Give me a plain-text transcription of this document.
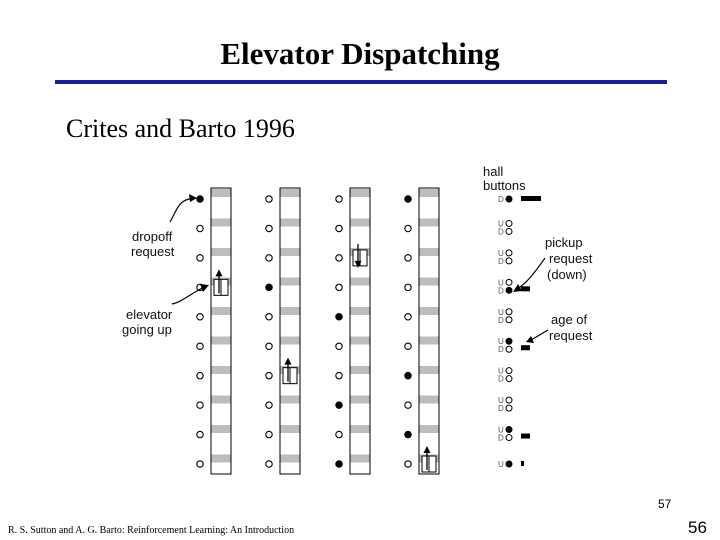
Elevator Dispatching
Crites and Barto 1996
D
U
D
U
D
U
D
U
D
U
D
U
D
U
D
U
D
U
hall
buttons
dropoff
request
elevator
going up
pickup
request
(down)
age of
request
57
R. S. Sutton and A. G. Barto: Reinforcement Learning: An Introduction	56
